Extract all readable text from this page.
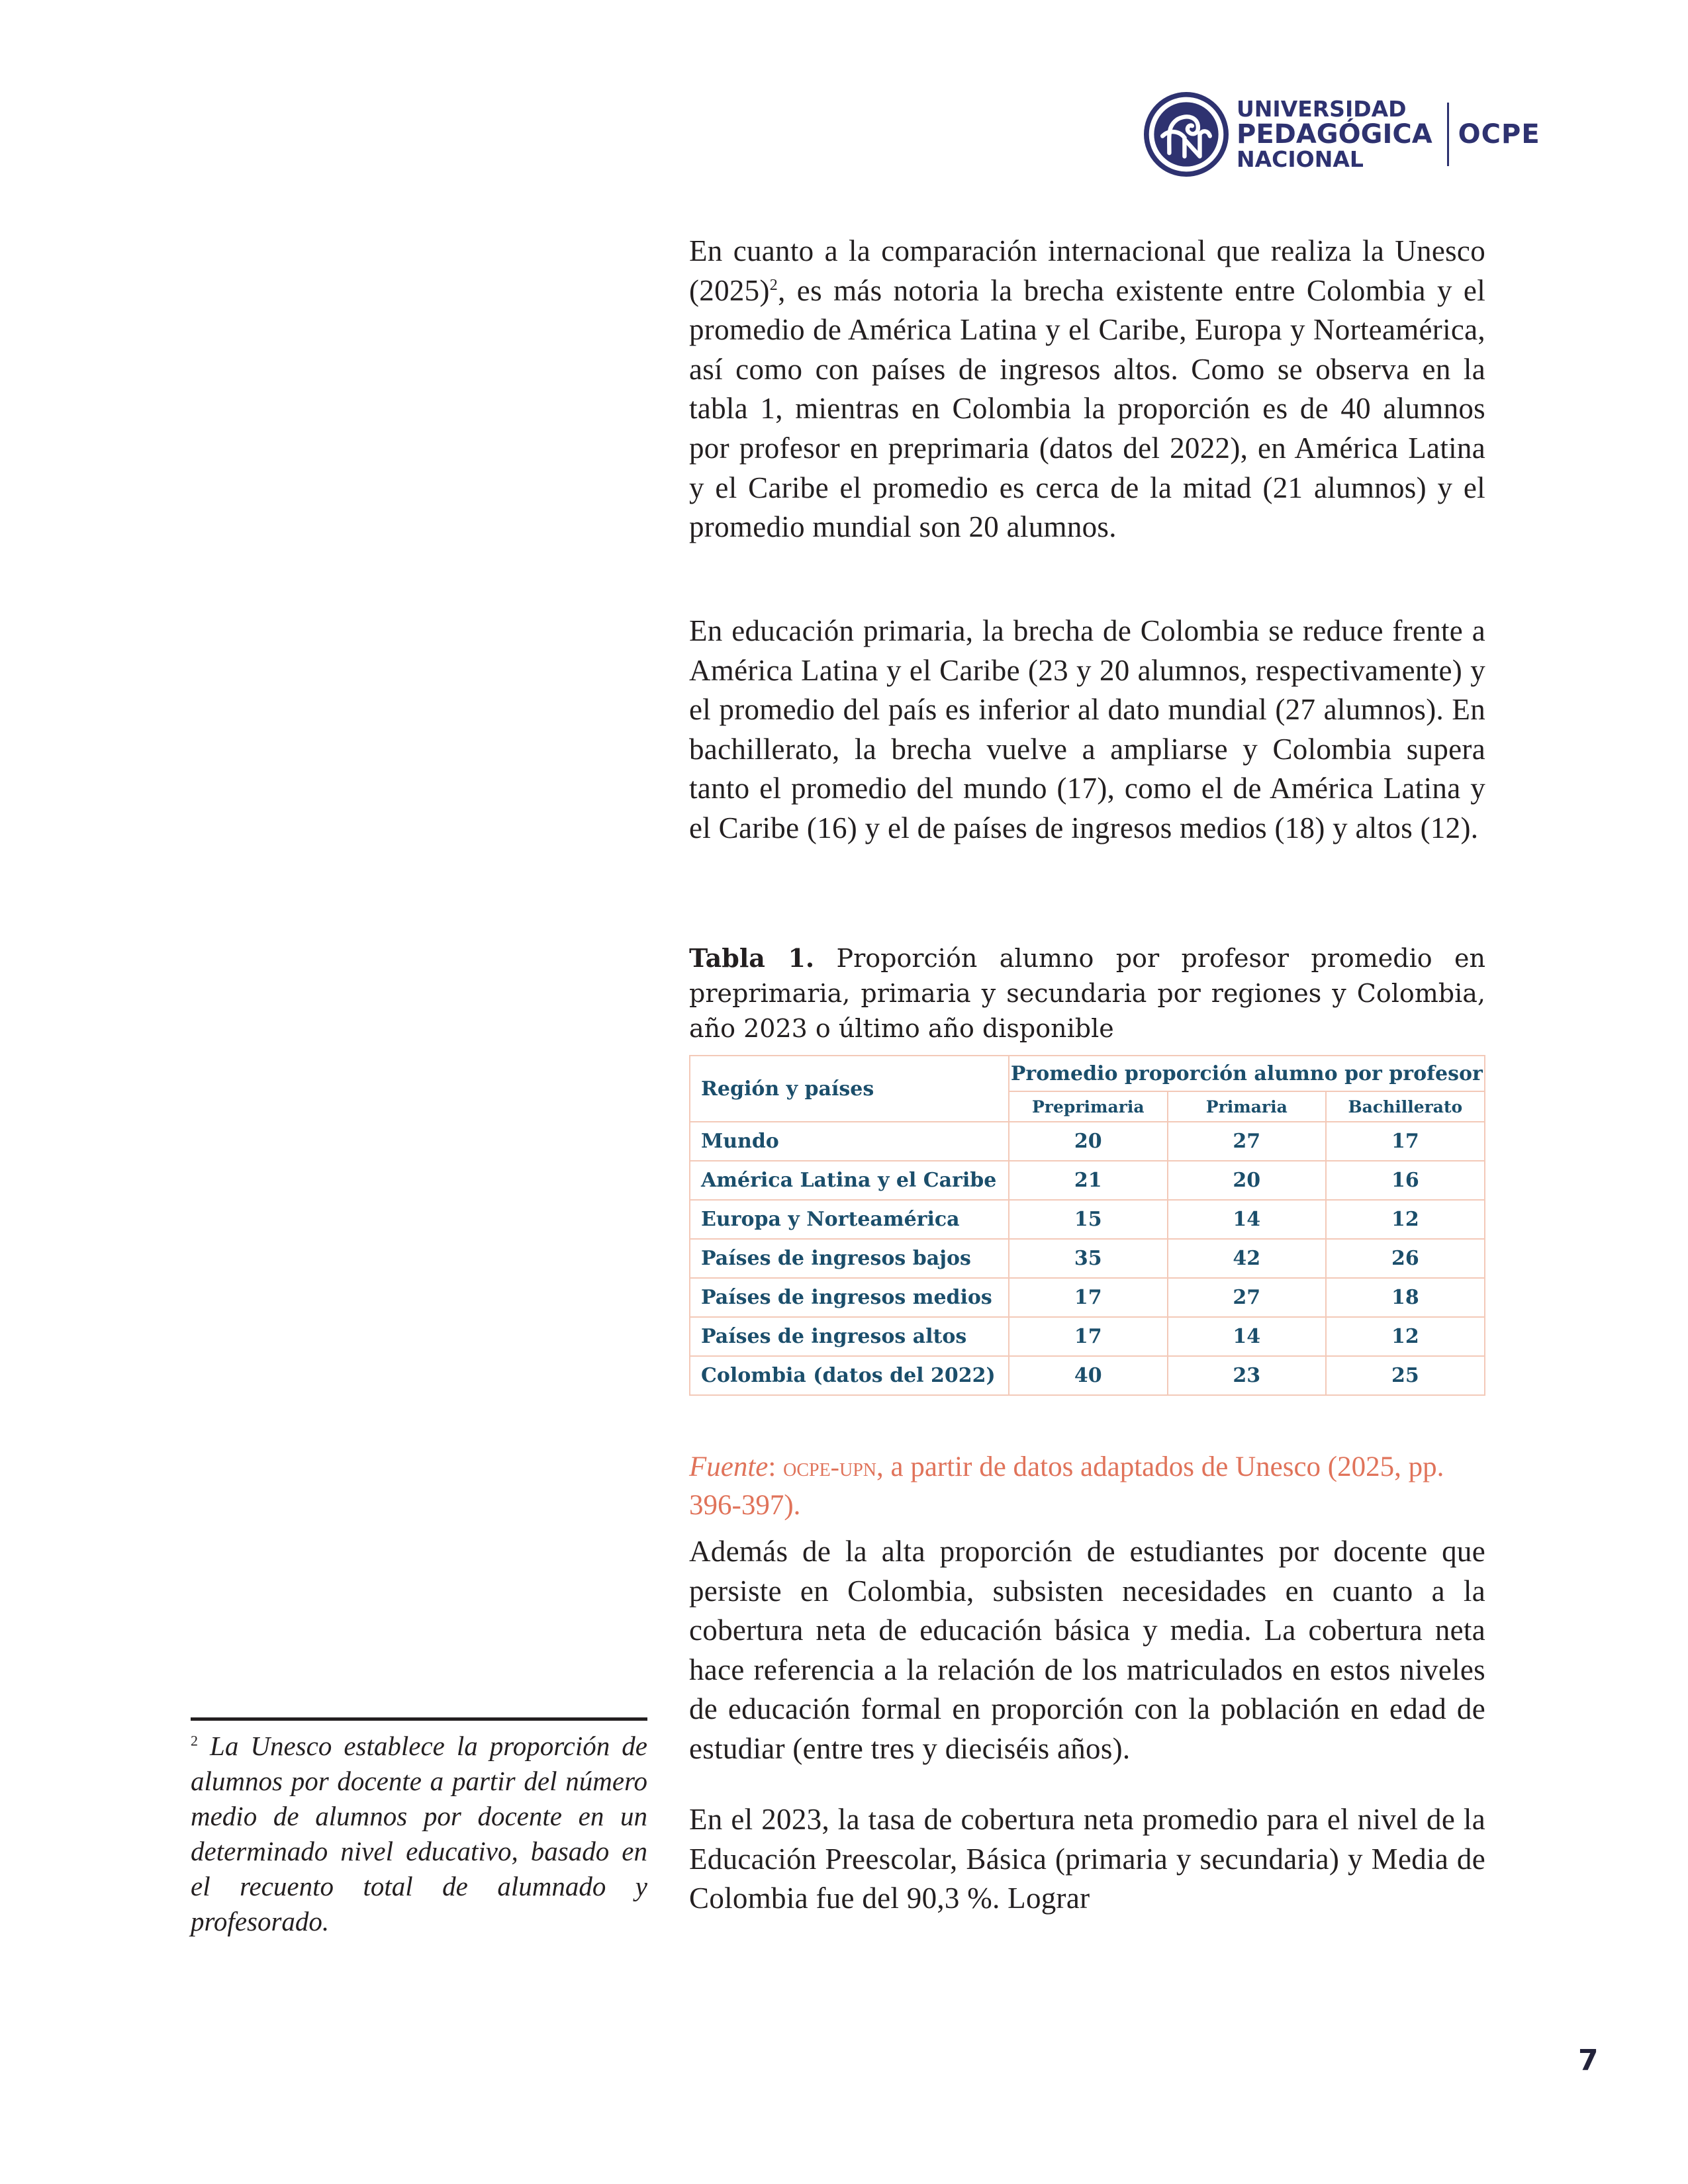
UNIVERSIDAD
PEDAGÓGICA
NACIONAL
OCPE

En cuanto a la comparación internacional que realiza la Unesco $(2025)^2$, es más notoria la brecha existente entre Colombia y el promedio de América Latina y el Caribe, Europa y Norteamérica, así como con países de ingresos altos. Como se observa en la tabla 1, mientras en Colombia la proporción es de 40 alumnos por profesor en preprimaria (datos del 2022), en América Latina y el Caribe el promedio es cerca de la mitad (21 alumnos) y el promedio mundial son 20 alumnos.

En educación primaria, la brecha de Colombia se reduce frente a América Latina y el Caribe (23 y 20 alumnos, respectivamente) y el promedio del país es inferior al dato mundial (27 alumnos). En bachillerato, la brecha vuelve a ampliarse y Colombia supera tanto el promedio del mundo (17), como el de América Latina y el Caribe (16) y el de países de ingresos medios (18) y altos (12).

Tabla 1. Proporción alumno por profesor promedio en preprimaria, primaria y secundaria por regiones y Colombia, año 2023 o último año disponible

Región y países	Promedio proporción alumno por profesor		
	Preprimaria	Primaria	Bachillerato
Mundo	20	27	17
América Latina y el Caribe	21	20	16
Europa y Norteamérica	15	14	12
Países de ingresos bajos	35	42	26
Países de ingresos medios	17	27	18
Países de ingresos altos	17	14	12
Colombia (datos del 2022)	40	23	25

Fuente: ocpe-upn, a partir de datos adaptados de Unesco (2025, pp. 396-397).

Además de la alta proporción de estudiantes por docente que persiste en Colombia, subsisten necesidades en cuanto a la cobertura neta de educación básica y media. La cobertura neta hace referencia a la relación de los matriculados en estos niveles de educación formal en proporción con la población en edad de estudiar (entre tres y dieciséis años).

En el 2023, la tasa de cobertura neta promedio para el nivel de la Educación Preescolar, Básica (primaria y secundaria) y Media de Colombia fue del 90,3 %. Lograr

$^2$ La Unesco establece la proporción de alumnos por docente a partir del número medio de alumnos por docente en un determinado nivel educativo, basado en el recuento total de alumnado y profesorado.

7
